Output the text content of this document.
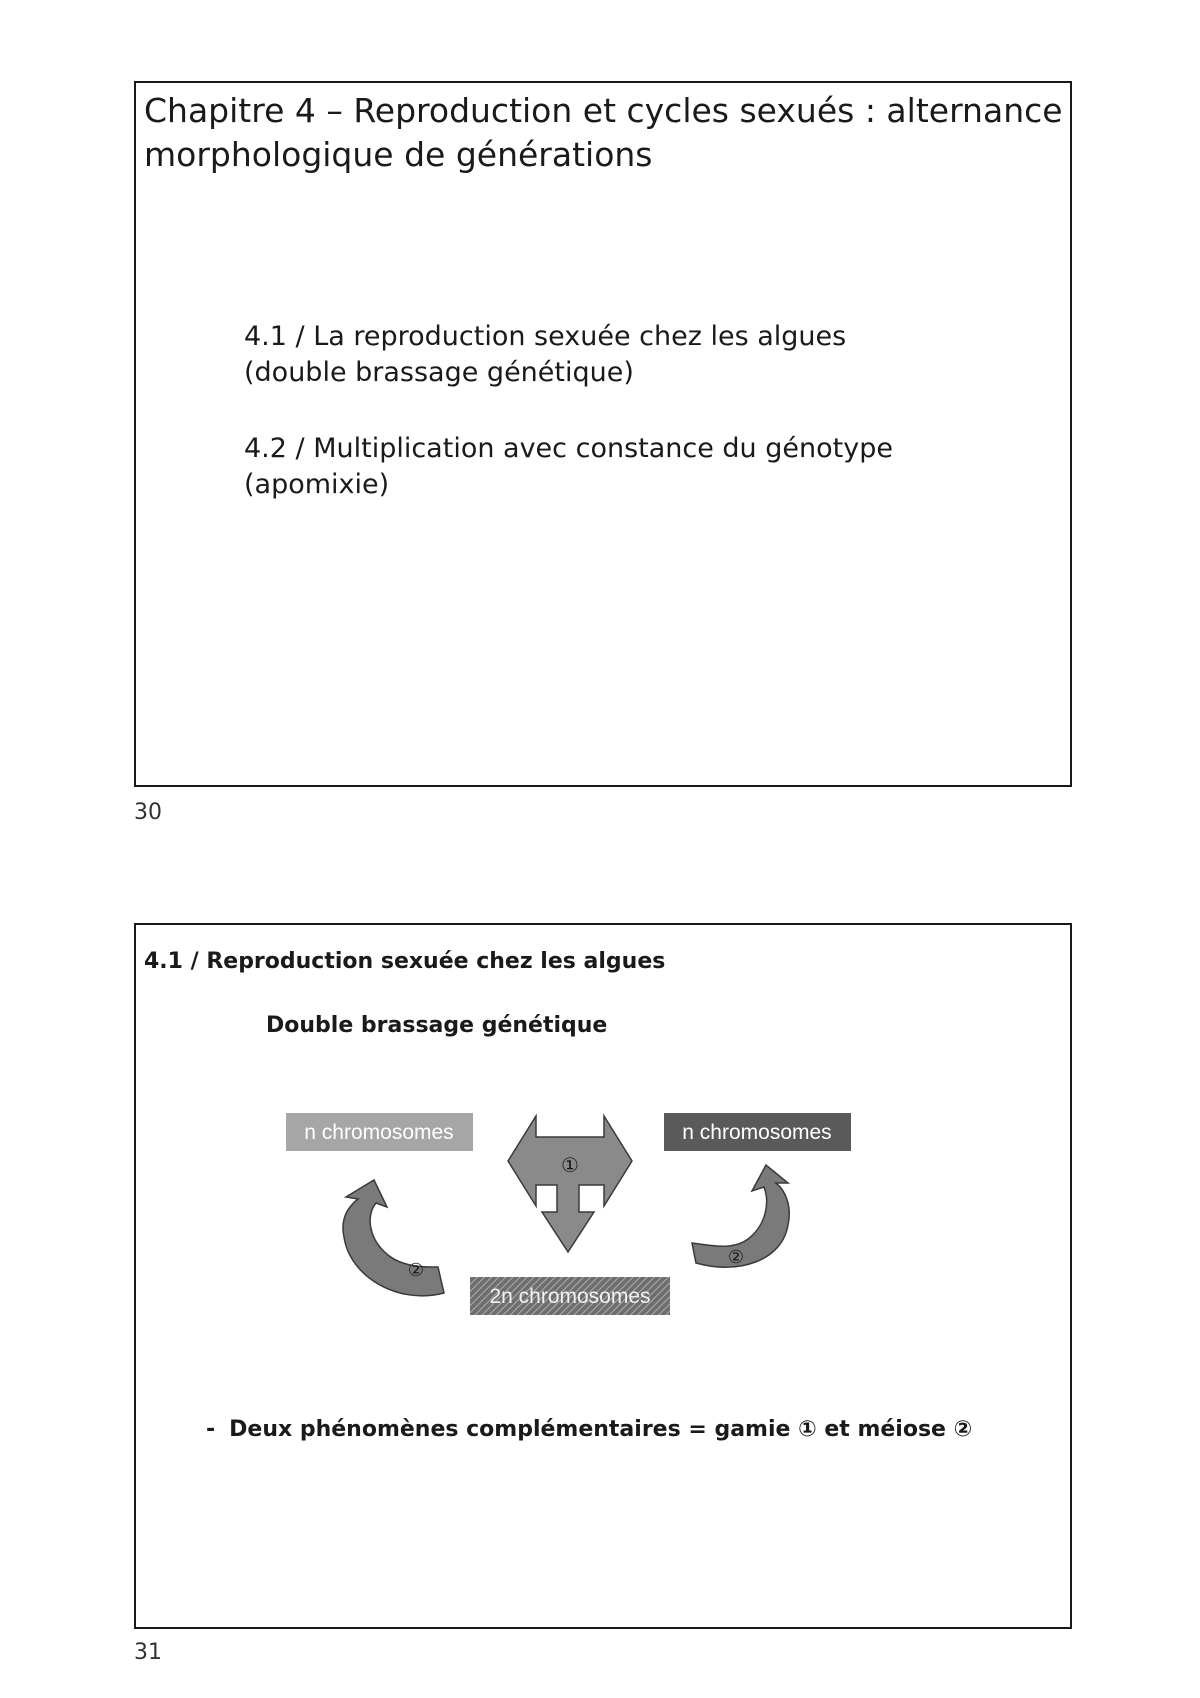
Chapitre 4 – Reproduction et cycles sexués : alternance
morphologique de générations
4.1 / La reproduction sexuée chez les algues
(double brassage génétique)
4.2 / Multiplication avec constance du génotype
(apomixie)
30
n chromosomes	n chromosomes
2n chromosomes
①
②
②
4.1 / Reproduction sexuée chez les algues
Double brassage génétique
- Deux phénomènes complémentaires = gamie ① et méiose ②
31
